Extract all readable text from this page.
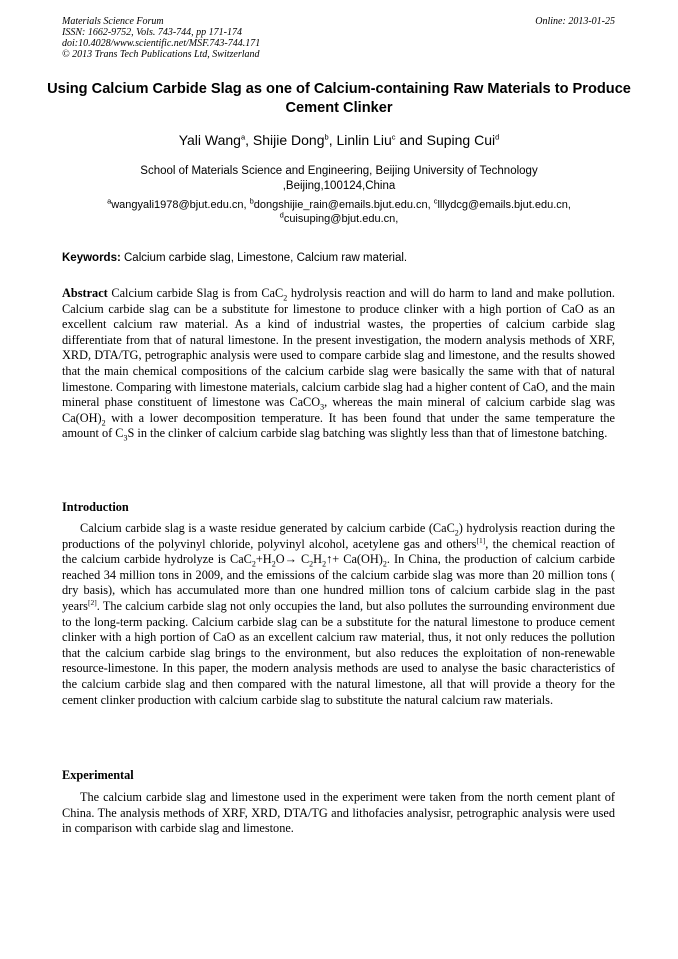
Materials Science Forum
ISSN: 1662-9752, Vols. 743-744, pp 171-174
doi:10.4028/www.scientific.net/MSF.743-744.171
© 2013 Trans Tech Publications Ltd, Switzerland
Online: 2013-01-25
Using Calcium Carbide Slag as one of Calcium-containing Raw Materials to Produce Cement Clinker
Yali Wang$^a$, Shijie Dong$^b$, Linlin Liu$^c$ and Suping Cui$^d$
School of Materials Science and Engineering, Beijing University of Technology
,Beijing,100124,China
$^a$wangyali1978@bjut.edu.cn, $^b$dongshijie_rain@emails.bjut.edu.cn, $^c$lllydcg@emails.bjut.edu.cn,
$^d$cuisuping@bjut.edu.cn,
Keywords: Calcium carbide slag, Limestone, Calcium raw material.
Abstract Calcium carbide Slag is from CaC$_2$ hydrolysis reaction and will do harm to land and make pollution. Calcium carbide slag can be a substitute for limestone to produce clinker with a high portion of CaO as an excellent calcium raw material. As a kind of industrial wastes, the properties of calcium carbide slag differentiate from that of natural limestone. In the present investigation, the modern analysis methods of XRF, XRD, DTA/TG, petrographic analysis were used to compare carbide slag and limestone, and the results showed that the main chemical compositions of the calcium carbide slag were basically the same with that of natural limestone. Comparing with limestone materials, calcium carbide slag had a higher content of CaO, and the main mineral phase constituent of limestone was CaCO$_3$, whereas the main mineral of calcium carbide slag was $Ca(OH)_2$ with a lower decomposition temperature. It has been found that under the same temperature the amount of $C_3S$ in the clinker of calcium carbide slag batching was slightly less than that of limestone batching.
Introduction
Calcium carbide slag is a waste residue generated by calcium carbide (CaC$_2$) hydrolysis reaction during the productions of the polyvinyl chloride, polyvinyl alcohol, acetylene gas and others[1], the chemical reaction of the calcium carbide hydrolyze is $CaC_2+H_2O\to$ $C_2H_2↑+ Ca(OH)_2$. In China, the production of calcium carbide reached 34 million tons in 2009, and the emissions of the calcium carbide slag was more than 20 million tons ( dry basis), which has accumulated more than one hundred million tons of calcium carbide slag in the past years[2]. The calcium carbide slag not only occupies the land, but also pollutes the surrounding environment due to the long-term packing. Calcium carbide slag can be a substitute for the natural limestone to produce cement clinker with a high portion of CaO as an excellent calcium raw material, thus, it not only reduces the pollution that the calcium carbide slag brings to the environment, but also reduces the exploitation of non-renewable resource-limestone. In this paper, the modern analysis methods are used to analyse the basic characteristics of the calcium carbide slag and then compared with the natural limestone, all that will provide a theory for the cement clinker production with calcium carbide slag to substitute the natural calcium raw materials.
Experimental
The calcium carbide slag and limestone used in the experiment were taken from the north cement plant of China. The analysis methods of XRF, XRD, DTA/TG and lithofacies analysisr, petrographic analysis were used in comparison with carbide slag and limestone.
